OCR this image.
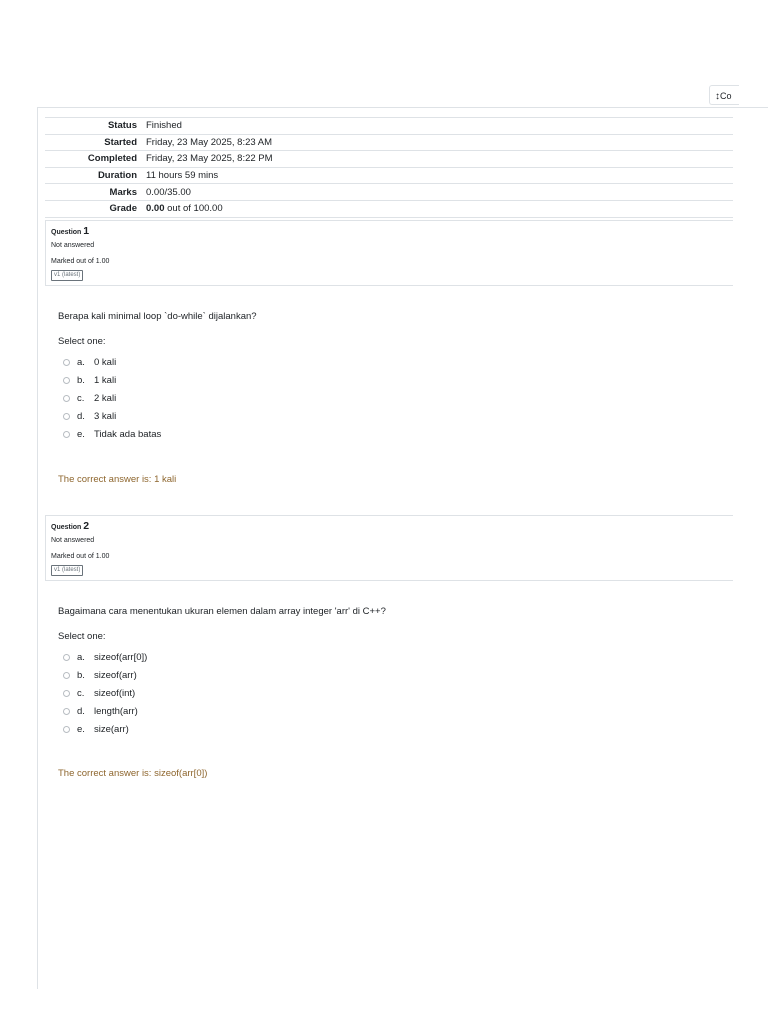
↕Co
Status	Finished
Started	Friday, 23 May 2025, 8:23 AM
Completed	Friday, 23 May 2025, 8:22 PM
Duration	11 hours 59 mins
Marks	0.00/35.00
Grade	0.00 out of 100.00
Question 1
Not answered
Marked out of 1.00
v1 (latest)
Berapa kali minimal loop `do-while` dijalankan?
Select one:
a. 0 kali
b. 1 kali
c. 2 kali
d. 3 kali
e. Tidak ada batas
The correct answer is: 1 kali
Question 2
Not answered
Marked out of 1.00
v1 (latest)
Bagaimana cara menentukan ukuran elemen dalam array integer 'arr' di C++?
Select one:
a. sizeof(arr[0])
b. sizeof(arr)
c. sizeof(int)
d. length(arr)
e. size(arr)
The correct answer is: sizeof(arr[0])
